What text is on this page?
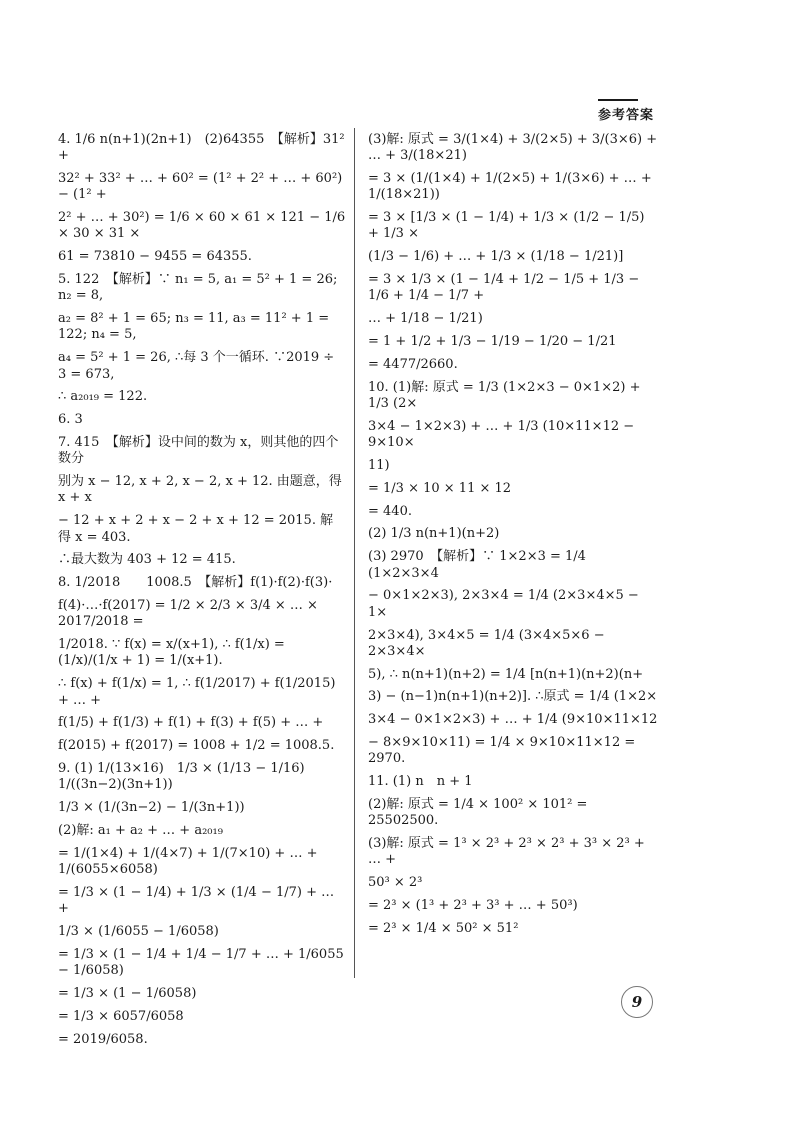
参考答案
4. 1/6 n(n+1)(2n+1)　(2)64355　【解析】31² +
32² + 33² + … + 60² = (1² + 2² + … + 60²) − (1² +
2² + … + 30²) = 1/6 × 60 × 61 × 121 − 1/6 × 30 × 31 ×
61 = 73810 − 9455 = 64355.
5. 122　【解析】∵ n₁ = 5, a₁ = 5² + 1 = 26; n₂ = 8,
a₂ = 8² + 1 = 65; n₃ = 11, a₃ = 11² + 1 = 122; n₄ = 5,
a₄ = 5² + 1 = 26, ∴每 3 个一循环. ∵2019 ÷ 3 = 673,
∴ a₂₀₁₉ = 122.
6. 3
7. 415　【解析】设中间的数为 x，则其他的四个数分
别为 x − 12, x + 2, x − 2, x + 12. 由题意，得 x + x
− 12 + x + 2 + x − 2 + x + 12 = 2015. 解得 x = 403.
∴最大数为 403 + 12 = 415.
8. 1/2018　　1008.5　【解析】f(1)·f(2)·f(3)·
f(4)·…·f(2017) = 1/2 × 2/3 × 3/4 × … × 2017/2018 =
1/2018. ∵ f(x) = x/(x+1), ∴ f(1/x) = (1/x)/(1/x + 1) = 1/(x+1).
∴ f(x) + f(1/x) = 1, ∴ f(1/2017) + f(1/2015) + … +
f(1/5) + f(1/3) + f(1) + f(3) + f(5) + … +
f(2015) + f(2017) = 1008 + 1/2 = 1008.5.
9. (1) 1/(13×16)　1/3 × (1/13 − 1/16)　1/((3n−2)(3n+1))
1/3 × (1/(3n−2) − 1/(3n+1))
(2)解: a₁ + a₂ + … + a₂₀₁₉
= 1/(1×4) + 1/(4×7) + 1/(7×10) + … + 1/(6055×6058)
= 1/3 × (1 − 1/4) + 1/3 × (1/4 − 1/7) + … +
1/3 × (1/6055 − 1/6058)
= 1/3 × (1 − 1/4 + 1/4 − 1/7 + … + 1/6055 − 1/6058)
= 1/3 × (1 − 1/6058)
= 1/3 × 6057/6058
= 2019/6058.
(3)解: 原式 = 3/(1×4) + 3/(2×5) + 3/(3×6) + … + 3/(18×21)
= 3 × (1/(1×4) + 1/(2×5) + 1/(3×6) + … + 1/(18×21))
= 3 × [1/3 × (1 − 1/4) + 1/3 × (1/2 − 1/5) + 1/3 ×
(1/3 − 1/6) + … + 1/3 × (1/18 − 1/21)]
= 3 × 1/3 × (1 − 1/4 + 1/2 − 1/5 + 1/3 − 1/6 + 1/4 − 1/7 +
… + 1/18 − 1/21)
= 1 + 1/2 + 1/3 − 1/19 − 1/20 − 1/21
= 4477/2660.
10. (1)解: 原式 = 1/3 (1×2×3 − 0×1×2) + 1/3 (2×
3×4 − 1×2×3) + … + 1/3 (10×11×12 − 9×10×
11)
= 1/3 × 10 × 11 × 12
= 440.
(2) 1/3 n(n+1)(n+2)
(3) 2970　【解析】∵ 1×2×3 = 1/4 (1×2×3×4
− 0×1×2×3), 2×3×4 = 1/4 (2×3×4×5 − 1×
2×3×4), 3×4×5 = 1/4 (3×4×5×6 − 2×3×4×
5), ∴ n(n+1)(n+2) = 1/4 [n(n+1)(n+2)(n+
3) − (n−1)n(n+1)(n+2)]. ∴原式 = 1/4 (1×2×
3×4 − 0×1×2×3) + … + 1/4 (9×10×11×12
− 8×9×10×11) = 1/4 × 9×10×11×12 = 2970.
11. (1) n　n + 1
(2)解: 原式 = 1/4 × 100² × 101² = 25502500.
(3)解: 原式 = 1³ × 2³ + 2³ × 2³ + 3³ × 2³ + … +
50³ × 2³
= 2³ × (1³ + 2³ + 3³ + … + 50³)
= 2³ × 1/4 × 50² × 51²
9
